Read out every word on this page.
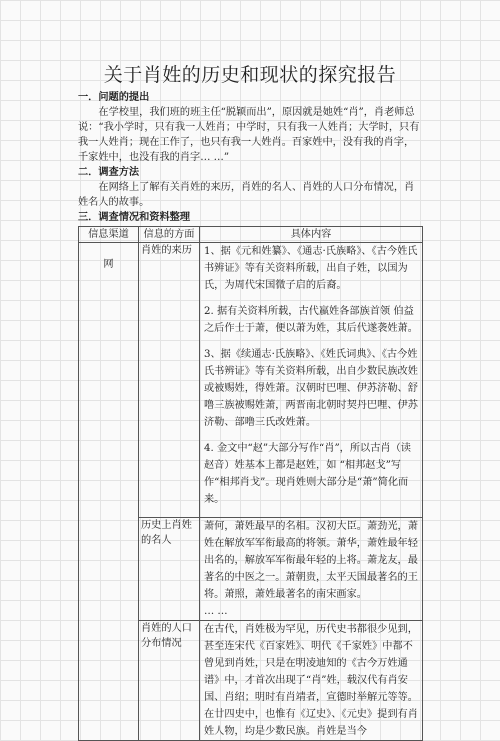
关于肖姓的历史和现状的探究报告
一．问题的提出

在学校里，我们班的班主任“脱颖而出”，原因就是她姓“肖”，肖老师总说：“我小学时，只有我一人姓肖；中学时，只有我一人姓肖；大学时，只有我一人姓肖；现在工作了，也只有我一人姓肖。百家姓中，没有我的肖字，千家姓中，也没有我的肖字… …”

二．调查方法

在网络上了解有关肖姓的来历，肖姓的名人、肖姓的人口分布情况，肖姓名人的故事。

三．调查情况和资料整理
信息渠道	信息的方面	具体内容
网	肖姓的来历	1、据《元和姓纂》、《通志·氏族略》、《古今姓氏书辨证》等有关资料所载，出自子姓，以国为氏，为周代宋国微子启的后裔。
2. 据有关资料所载，古代嬴姓各部族首领 伯益之后作士于萧，便以萧为姓，其后代遂袭姓萧。
3、据《续通志·氏族略》、《姓氏词典》、《古今姓氏书辨证》等有关资料所载，出自少数民族改姓或被赐姓，得姓萧。汉朝时巴哩、伊苏济勒、舒噜三族被赐姓萧，两晋南北朝时契丹巴哩、伊苏济勒、部噜三氏改姓萧。
4. 金文中“赵”大部分写作“肖”，所以古肖（读赵音）姓基本上都是赵姓，如 “相邦赵戈”写作“相邦肖戈”。现肖姓则大部分是“萧”简化而来。

	历史上肖姓的名人	萧何，萧姓最早的名相。汉初大臣。萧劲光，萧姓在解放军军衔最高的将领。萧华，萧姓最年轻出名的，解放军军衔最年轻的上将。萧龙友，最著名的中医之一。萧朝贵，太平天国最著名的王将。萧照，萧姓最著名的南宋画家。
… …

	肖姓的人口分布情况	在古代，肖姓极为罕见，历代史书都很少见到，甚至连宋代《百家姓》、明代《千家姓》中都不曾见到肖姓，只是在明凌迪知的《古今万姓通谱》中，才首次出现了“肖”姓，载汉代有肖安国、肖绍；明时有肖靖者，宣德时举解元等等。在廿四史中，也惟有《辽史》、《元史》提到有肖姓人物，均是少数民族。肖姓是当今
